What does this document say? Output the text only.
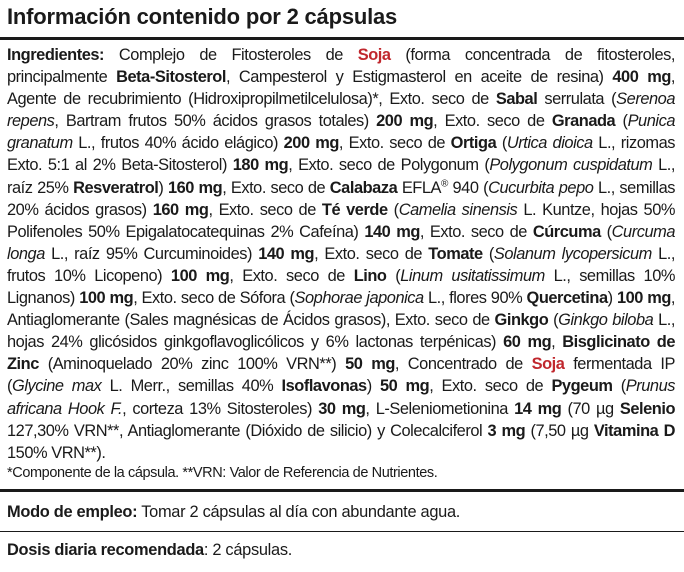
Información contenido por 2 cápsulas
Ingredientes: Complejo de Fitosteroles de Soja (forma concentrada de fitosteroles, principalmente Beta-Sitosterol, Campesterol y Estigmasterol en aceite de resina) 400 mg, Agente de recubrimiento (Hidroxipropilmetilcelulosa)*, Exto. seco de Sabal serrulata (Serenoa repens, Bartram frutos 50% ácidos grasos totales) 200 mg, Exto. seco de Granada (Punica granatum L., frutos 40% ácido elágico) 200 mg, Exto. seco de Ortiga (Urtica dioica L., rizomas Exto. 5:1 al 2% Beta-Sitosterol) 180 mg, Exto. seco de Polygonum (Polygonum cuspidatum L., raíz 25% Resveratrol) 160 mg, Exto. seco de Calabaza EFLA® 940 (Cucurbita pepo L., semillas 20% ácidos grasos) 160 mg, Exto. seco de Té verde (Camelia sinensis L. Kuntze, hojas 50% Polifenoles 50% Epigalatocatequinas 2% Cafeína) 140 mg, Exto. seco de Cúrcuma (Curcuma longa L., raíz 95% Curcuminoides) 140 mg, Exto. seco de Tomate (Solanum lycopersicum L., frutos 10% Licopeno) 100 mg, Exto. seco de Lino (Linum usitatissimum L., semillas 10% Lignanos) 100 mg, Exto. seco de Sófora (Sophorae japonica L., flores 90% Quercetina) 100 mg, Antiaglomerante (Sales magnésicas de Ácidos grasos), Exto. seco de Ginkgo (Ginkgo biloba L., hojas 24% glicósidos ginkgoflavoglicólicos y 6% lactonas terpénicas) 60 mg, Bisglicinato de Zinc (Aminoquelado 20% zinc 100% VRN**) 50 mg, Concentrado de Soja fermentada IP (Glycine max L. Merr., semillas 40% Isoflavonas) 50 mg, Exto. seco de Pygeum (Prunus africana Hook F., corteza 13% Sitosteroles) 30 mg, L-Seleniometionina 14 mg (70 µg Selenio 127,30% VRN**, Antiaglomerante (Dióxido de silicio) y Colecalciferol 3 mg (7,50 µg Vitamina D 150% VRN**).
*Componente de la cápsula. **VRN: Valor de Referencia de Nutrientes.
Modo de empleo: Tomar 2 cápsulas al día con abundante agua.
Dosis diaria recomendada: 2 cápsulas.
